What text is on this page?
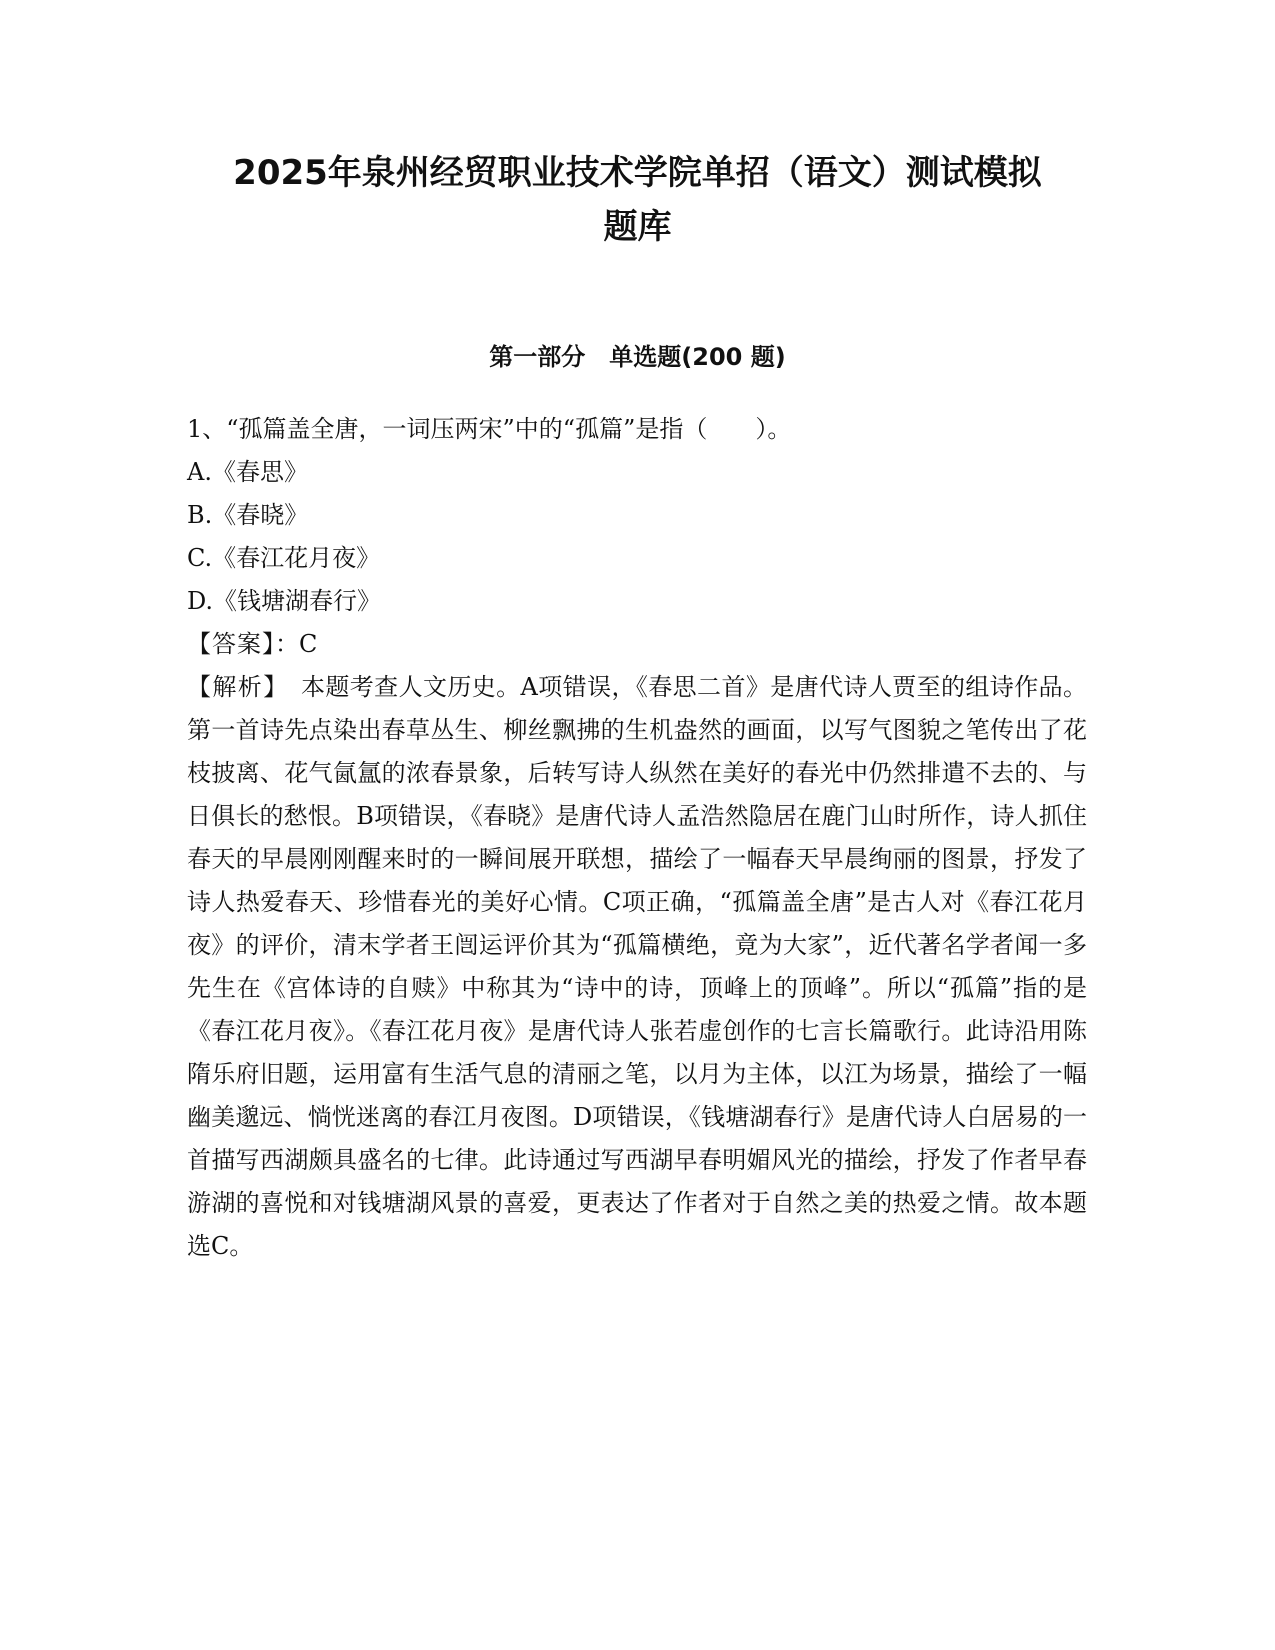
2025年泉州经贸职业技术学院单招（语文）测试模拟
题库
第一部分　单选题(200 题)
1、“孤篇盖全唐，一词压两宋”中的“孤篇”是指（　　）。
A.《春思》
B.《春晓》
C.《春江花月夜》
D.《钱塘湖春行》
【答案】：C
【解析】　本题考查人文历史。A项错误，《春思二首》是唐代诗人贾至的组诗作品。第一首诗先点染出春草丛生、柳丝飘拂的生机盎然的画面，以写气图貌之笔传出了花枝披离、花气氤氲的浓春景象，后转写诗人纵然在美好的春光中仍然排遣不去的、与日俱长的愁恨。B项错误，《春晓》是唐代诗人孟浩然隐居在鹿门山时所作，诗人抓住春天的早晨刚刚醒来时的一瞬间展开联想，描绘了一幅春天早晨绚丽的图景，抒发了诗人热爱春天、珍惜春光的美好心情。C项正确，“孤篇盖全唐”是古人对《春江花月夜》的评价，清末学者王闿运评价其为“孤篇横绝，竟为大家”，近代著名学者闻一多先生在《宫体诗的自赎》中称其为“诗中的诗，顶峰上的顶峰”。所以“孤篇”指的是《春江花月夜》。《春江花月夜》是唐代诗人张若虚创作的七言长篇歌行。此诗沿用陈隋乐府旧题，运用富有生活气息的清丽之笔，以月为主体，以江为场景，描绘了一幅幽美邈远、惝恍迷离的春江月夜图。D项错误，《钱塘湖春行》是唐代诗人白居易的一首描写西湖颇具盛名的七律。此诗通过写西湖早春明媚风光的描绘，抒发了作者早春游湖的喜悦和对钱塘湖风景的喜爱，更表达了作者对于自然之美的热爱之情。故本题选C。
